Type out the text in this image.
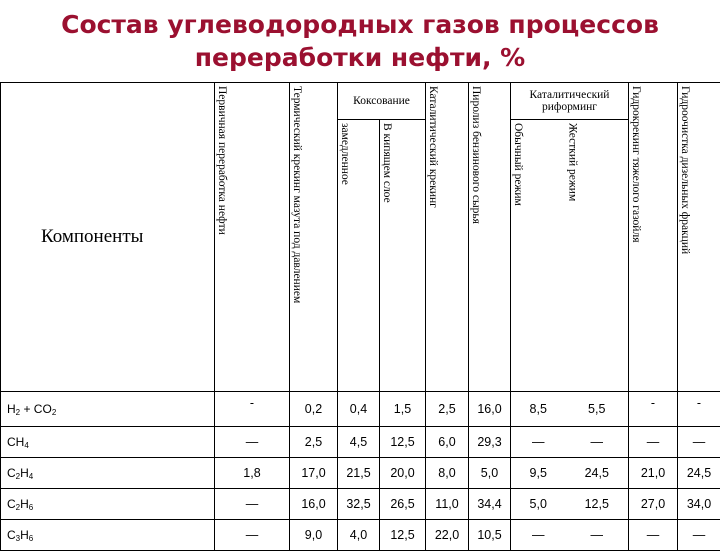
Состав углеводородных газов процессов
переработки нефти, %
Компоненты	Первичная переработка нефти	Термический крекинг мазута под давлением	Коксование		Каталитический крекинг	Пиролиз бензинового сырья	Каталитический риформинг		Гидрокрекинг тяжелого газойля	Гидроочистка дизельных фракций
			замедленное	В кипящем слое			Обычный режим	Жесткий режим		
$H_2 + CO_2$	-	0,2	0,4	1,5	2,5	16,0	8,5	5,5	-	-
$CH_4$	—	2,5	4,5	12,5	6,0	29,3	—	—	—	—
$C_2H_4$	1,8	17,0	21,5	20,0	8,0	5,0	9,5	24,5	21,0	24,5
$C_2H_6$	—	16,0	32,5	26,5	11,0	34,4	5,0	12,5	27,0	34,0
$C_3H_6$	—	9,0	4,0	12,5	22,0	10,5	—	—	—	—
